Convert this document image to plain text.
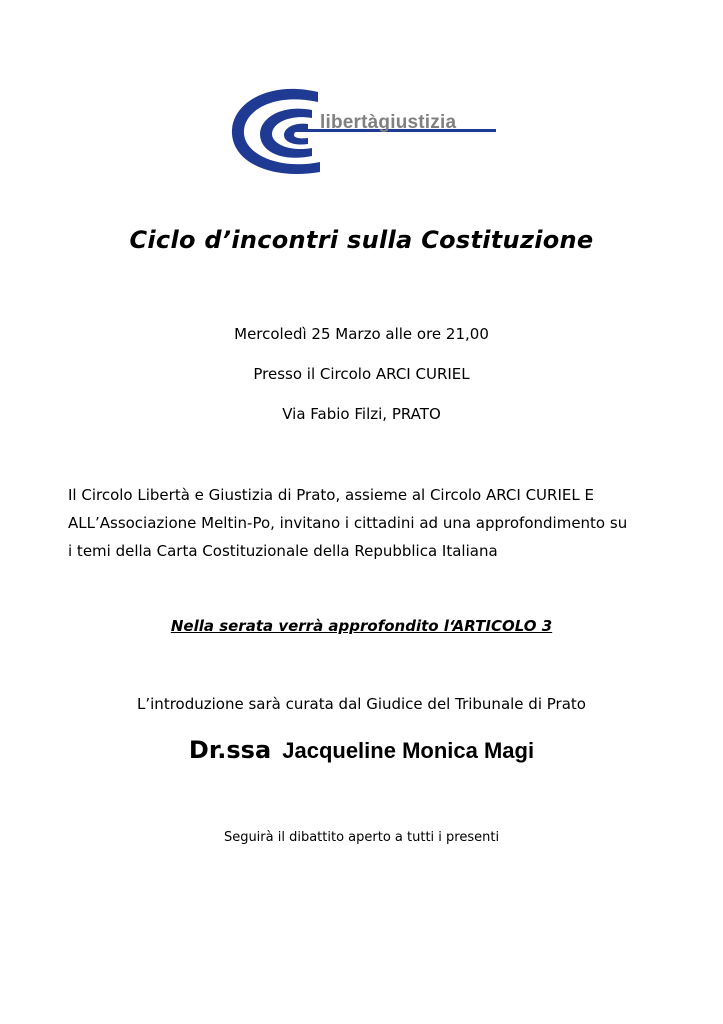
libertàgiustizia
Ciclo d’incontri sulla Costituzione
Mercoledì 25 Marzo alle ore 21,00
Presso il Circolo ARCI CURIEL
Via Fabio Filzi, PRATO
Il Circolo Libertà e Giustizia di Prato, assieme al Circolo ARCI CURIEL E
ALL’Associazione Meltin-Po, invitano i cittadini ad una approfondimento su
i temi della Carta Costituzionale della Repubblica Italiana
Nella serata verrà approfondito l‘ARTICOLO 3
L’introduzione sarà curata dal Giudice del Tribunale di Prato
Dr.ssa Jacqueline Monica Magi
Seguirà il dibattito aperto a tutti i presenti
